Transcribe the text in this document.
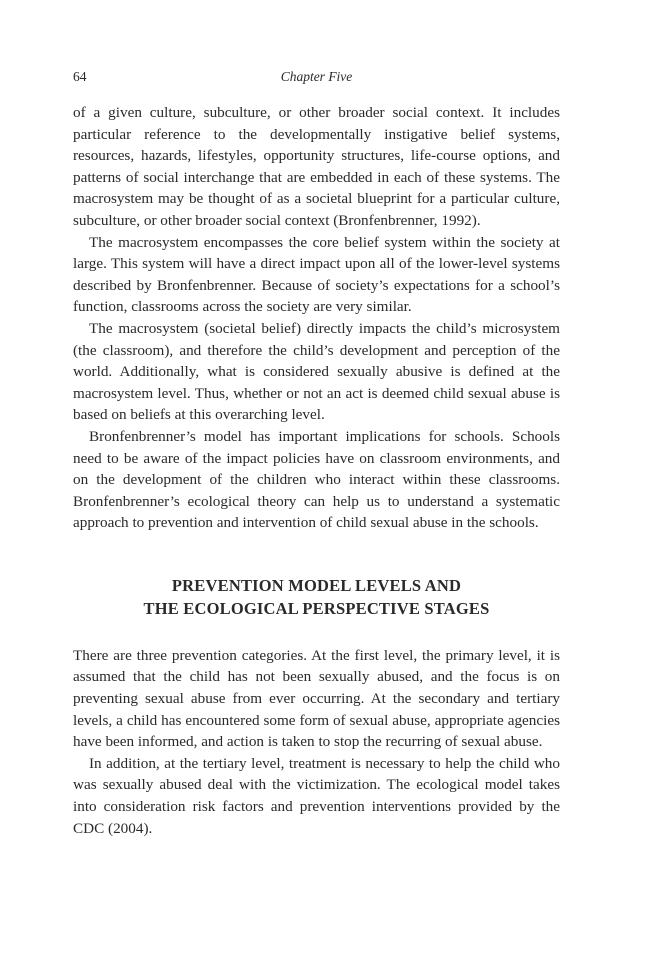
64	Chapter Five

of a given culture, subculture, or other broader social context. It includes particular reference to the developmentally instigative belief systems, resources, hazards, lifestyles, opportunity structures, life-course options, and patterns of social interchange that are embedded in each of these systems. The macrosystem may be thought of as a societal blueprint for a particular culture, subculture, or other broader social context (Bronfenbrenner, 1992).

The macrosystem encompasses the core belief system within the society at large. This system will have a direct impact upon all of the lower-level systems described by Bronfenbrenner. Because of society’s expectations for a school’s function, classrooms across the society are very similar.

The macrosystem (societal belief) directly impacts the child’s microsystem (the classroom), and therefore the child’s development and perception of the world. Additionally, what is considered sexually abusive is defined at the macrosystem level. Thus, whether or not an act is deemed child sexual abuse is based on beliefs at this overarching level.

Bronfenbrenner’s model has important implications for schools. Schools need to be aware of the impact policies have on classroom environments, and on the development of the children who interact within these classrooms. Bronfenbrenner’s ecological theory can help us to understand a systematic approach to prevention and intervention of child sexual abuse in the schools.

PREVENTION MODEL LEVELS AND
THE ECOLOGICAL PERSPECTIVE STAGES

There are three prevention categories. At the first level, the primary level, it is assumed that the child has not been sexually abused, and the focus is on preventing sexual abuse from ever occurring. At the secondary and tertiary levels, a child has encountered some form of sexual abuse, appropriate agencies have been informed, and action is taken to stop the recurring of sexual abuse.

In addition, at the tertiary level, treatment is necessary to help the child who was sexually abused deal with the victimization. The ecological model takes into consideration risk factors and prevention interventions provided by the CDC (2004).
